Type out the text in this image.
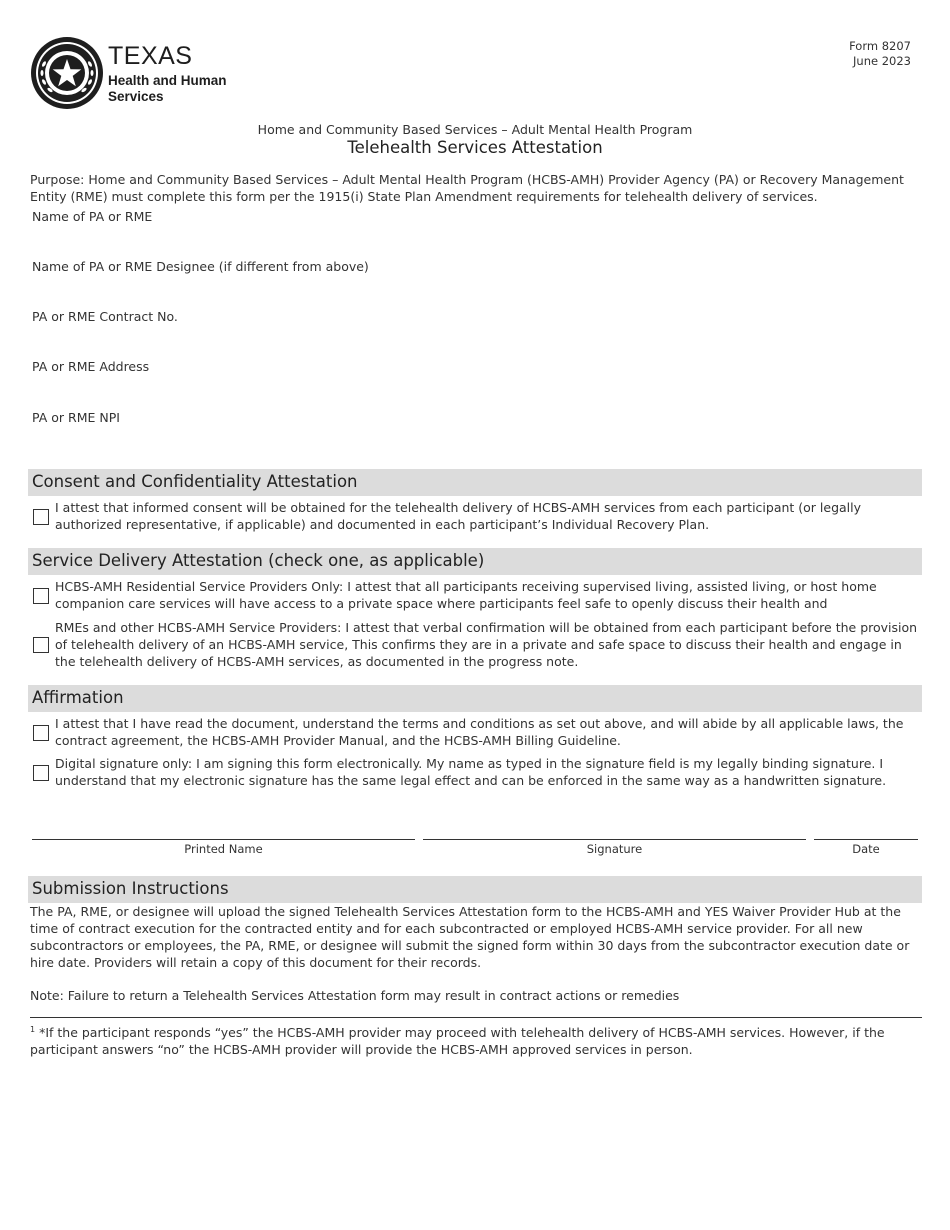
TEXAS
Health and Human
Services
Form 8207
June 2023
Home and Community Based Services – Adult Mental Health Program
Telehealth Services Attestation
Purpose: Home and Community Based Services – Adult Mental Health Program (HCBS-AMH) Provider Agency (PA) or Recovery Management Entity (RME) must complete this form per the 1915(i) State Plan Amendment requirements for telehealth delivery of services.
Name of PA or RME
Name of PA or RME Designee (if different from above)
PA or RME Contract No.
PA or RME Address
PA or RME NPI
Consent and Confidentiality Attestation
I attest that informed consent will be obtained for the telehealth delivery of HCBS-AMH services from each participant (or legally authorized representative, if applicable) and documented in each participant’s Individual Recovery Plan.
Service Delivery Attestation (check one, as applicable)
HCBS-AMH Residential Service Providers Only: I attest that all participants receiving supervised living, assisted living, or host home companion care services will have access to a private space where participants feel safe to openly discuss their health and
RMEs and other HCBS-AMH Service Providers: I attest that verbal confirmation will be obtained from each participant before the provision of telehealth delivery of an HCBS-AMH service, This confirms they are in a private and safe space to discuss their health and engage in the telehealth delivery of HCBS-AMH services, as documented in the progress note.
Affirmation
I attest that I have read the document, understand the terms and conditions as set out above, and will abide by all applicable laws, the contract agreement, the HCBS-AMH Provider Manual, and the HCBS-AMH Billing Guideline.
Digital signature only: I am signing this form electronically. My name as typed in the signature field is my legally binding signature. I understand that my electronic signature has the same legal effect and can be enforced in the same way as a handwritten signature.
Printed Name	Signature	Date
Submission Instructions
The PA, RME, or designee will upload the signed Telehealth Services Attestation form to the HCBS-AMH and YES Waiver Provider Hub at the time of contract execution for the contracted entity and for each subcontracted or employed HCBS-AMH service provider. For all new subcontractors or employees, the PA, RME, or designee will submit the signed form within 30 days from the subcontractor execution date or hire date. Providers will retain a copy of this document for their records.
Note: Failure to return a Telehealth Services Attestation form may result in contract actions or remedies
$^1$ *If the participant responds “yes” the HCBS-AMH provider may proceed with telehealth delivery of HCBS-AMH services. However, if the participant answers “no” the HCBS-AMH provider will provide the HCBS-AMH approved services in person.
